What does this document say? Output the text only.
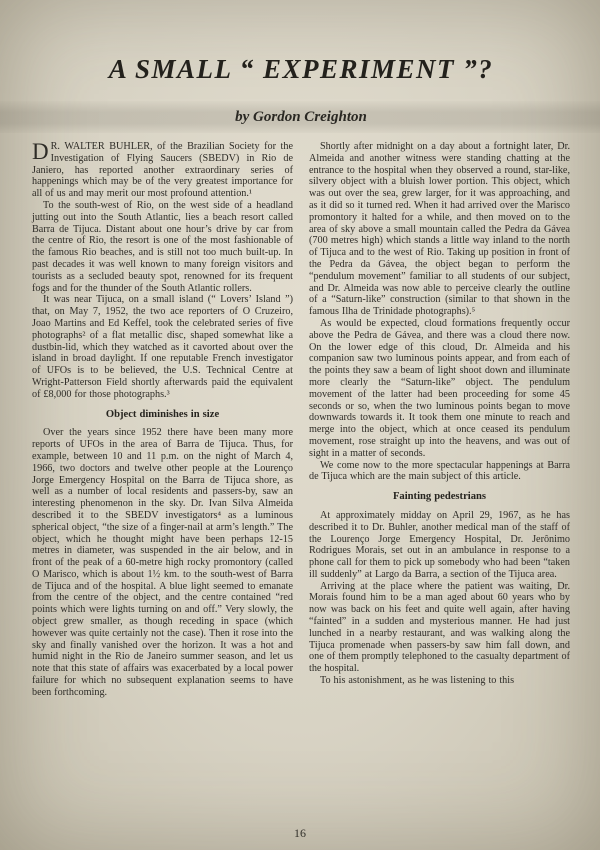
A SMALL “ EXPERIMENT ”?
by Gordon Creighton

D R. WALTER BUHLER, of the Brazilian Society for the Investigation of Flying Saucers (SBEDV) in Rio de Janiero, has reported another extraordinary series of happenings which may be of the very greatest importance for all of us and may merit our most profound attention.¹

To the south-west of Rio, on the west side of a headland jutting out into the South Atlantic, lies a beach resort called Barra de Tijuca. Distant about one hour’s drive by car from the centre of Rio, the resort is one of the most fashionable of the famous Rio beaches, and is still not too much built-up. In past decades it was well known to many foreign visitors and tourists as a secluded beauty spot, renowned for its frequent fogs and for the thunder of the South Atlantic rollers.

It was near Tijuca, on a small island (“ Lovers’ Island ”) that, on May 7, 1952, the two ace reporters of O Cruzeiro, Joao Martins and Ed Keffel, took the celebrated series of five photographs² of a flat metallic disc, shaped somewhat like a dustbin-lid, which they watched as it cavorted about over the island in broad daylight. If one reputable French investigator of UFOs is to be believed, the U.S. Technical Centre at Wright-Patterson Field shortly afterwards paid the equivalent of £8,000 for those photographs.³

Object diminishes in size

Over the years since 1952 there have been many more reports of UFOs in the area of Barra de Tijuca. Thus, for example, between 10 and 11 p.m. on the night of March 4, 1966, two doctors and twelve other people at the Lourenço Jorge Emergency Hospital on the Barra de Tijuca shore, as well as a number of local residents and passers-by, saw an interesting phenomenon in the sky. Dr. Ivan Silva Almeida described it to the SBEDV investigators⁴ as a luminous spherical object, “the size of a finger-nail at arm’s length.” The object, which he thought might have been perhaps 12-15 metres in diameter, was suspended in the air below, and in front of the peak of a 60-metre high rocky promontory (called O Marisco, which is about 1½ km. to the south-west of Barra de Tijuca and of the hospital. A blue light seemed to emanate from the centre of the object, and the centre contained “red points which were lights turning on and off.” Very slowly, the object grew smaller, as though receding in space (which however was quite certainly not the case). Then it rose into the sky and finally vanished over the horizon. It was a hot and humid night in the Rio de Janeiro summer season, and let us note that this state of affairs was exacerbated by a local power failure for which no subsequent explanation seems to have been forthcoming.

Shortly after midnight on a day about a fortnight later, Dr. Almeida and another witness were standing chatting at the entrance to the hospital when they observed a round, star-like, silvery object with a bluish lower portion. This object, which was out over the sea, grew larger, for it was approaching, and as it did so it turned red. When it had arrived over the Marisco promontory it halted for a while, and then moved on to the area of sky above a small mountain called the Pedra da Gávea (700 metres high) which stands a little way inland to the north of Tijuca and to the west of Rio. Taking up position in front of the Pedra da Gávea, the object began to perform the “pendulum movement” familiar to all students of our subject, and Dr. Almeida was now able to perceive clearly the outline of a “Saturn-like” construction (similar to that shown in the famous Ilha de Trinidade photographs).⁵

As would be expected, cloud formations frequently occur above the Pedra de Gávea, and there was a cloud there now. On the lower edge of this cloud, Dr. Almeida and his companion saw two luminous points appear, and from each of the points they saw a beam of light shoot down and illuminate more clearly the “Saturn-like” object. The pendulum movement of the latter had been proceeding for some 45 seconds or so, when the two luminous points began to move downwards towards it. It took them one minute to reach and merge into the object, which at once ceased its pendulum movement, rose straight up into the heavens, and was out of sight in a matter of seconds.

We come now to the more spectacular happenings at Barra de Tijuca which are the main subject of this article.

Fainting pedestrians

At approximately midday on April 29, 1967, as he has described it to Dr. Buhler, another medical man of the staff of the Lourenço Jorge Emergency Hospital, Dr. Jerônimo Rodrigues Morais, set out in an ambulance in response to a phone call for them to pick up somebody who had been “taken ill suddenly” at Largo da Barra, a section of the Tijuca area.

Arriving at the place where the patient was waiting, Dr. Morais found him to be a man aged about 60 years who by now was back on his feet and quite well again, after having “fainted” in a sudden and mysterious manner. He had just lunched in a nearby restaurant, and was walking along the Tijuca promenade when passers-by saw him fall down, and one of them promptly telephoned to the casualty department of the hospital.

To his astonishment, as he was listening to this

16
